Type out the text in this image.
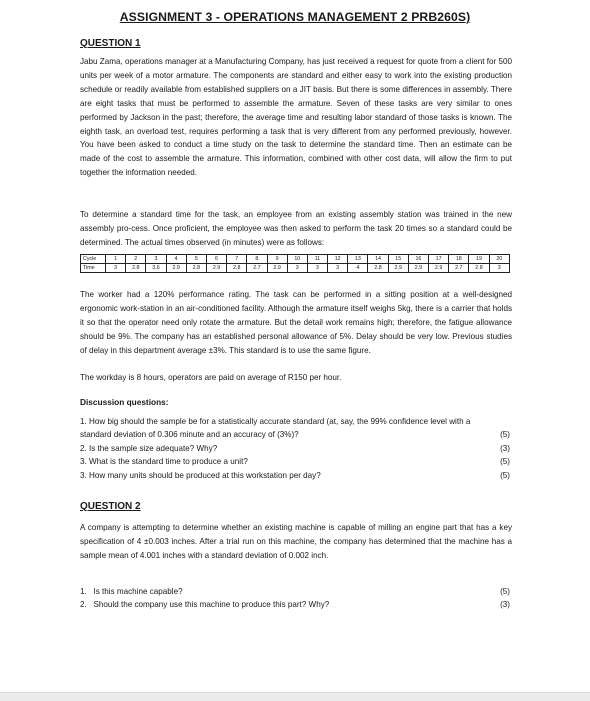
ASSIGNMENT 3 - OPERATIONS MANAGEMENT 2 PRB260S)
QUESTION 1

Jabu Zama, operations manager at a Manufacturing Company, has just received a request for quote from a client for 500 units per week of a motor armature. The components are standard and either easy to work into the existing production schedule or readily available from established suppliers on a JIT basis. But there is some differences in assembly. There are eight tasks that must be performed to assemble the armature. Seven of these tasks are very similar to ones performed by Jackson in the past; therefore, the average time and resulting labor standard of those tasks is known. The eighth task, an overload test, requires performing a task that is very different from any performed previously, however. You have been asked to conduct a time study on the task to determine the standard time. Then an estimate can be made of the cost to assemble the armature. This information, combined with other cost data, will allow the firm to put together the information needed.

To determine a standard time for the task, an employee from an existing assembly station was trained in the new assembly pro-cess. Once proficient, the employee was then asked to perform the task 20 times so a standard could be determined. The actual times observed (in minutes) were as follows:

Cycle	1	2	3	4	5	6	7	8	9	10	11	12	13	14	15	16	17	18	19	20
Time	3	2.8	3.6	2.9	2.8	2.9	2.8	2.7	2.9	3	3	3	4	2.8	2.9	2.9	2.9	2.7	2.8	3

The worker had a 120% performance rating. The task can be performed in a sitting position at a well-designed ergonomic work-station in an air-conditioned facility. Although the armature itself weighs 5kg, there is a carrier that holds it so that the operator need only rotate the armature. But the detail work remains high; therefore, the fatigue allowance should be 9%. The company has an established personal allowance of 5%. Delay should be very low. Previous studies of delay in this department average ±3%. This standard is to use the same figure.

The workday is 8 hours, operators are paid on average of R150 per hour.

Discussion questions:
1. How big should the sample be for a statistically accurate standard (at, say, the 99% confidence level with a standard deviation of 0.306 minute and an accuracy of (3%)?	(5)
2. Is the sample size adequate? Why?	(3)
3. What is the standard time to produce a unit?	(5)
3. How many units should be produced at this workstation per day?	(5)
QUESTION 2

A company is attempting to determine whether an existing machine is capable of milling an engine part that has a key specification of 4 ±0.003 inches. After a trial run on this machine, the company has determined that the machine has a sample mean of 4.001 inches with a standard deviation of 0.002 inch.

1.   Is this machine capable?	(5)
2.   Should the company use this machine to produce this part? Why?	(3)
